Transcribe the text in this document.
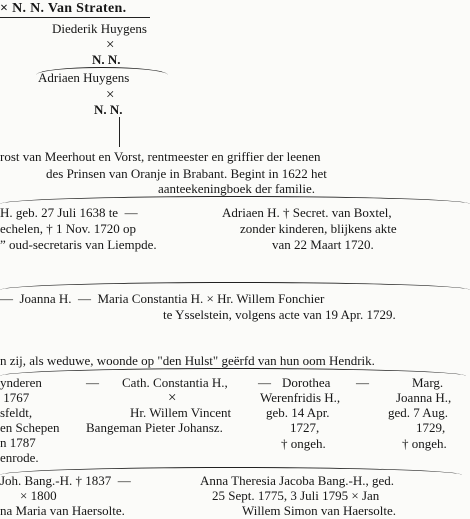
× N. N. Van Straten.
Diederik Huygens
×
N. N.
Adriaen Huygens
×
N. N.
rost van Meerhout en Vorst, rentmeester en griffier der leenen
des Prinsen van Oranje in Brabant. Begint in 1622 het
aanteekeningboek der familie.
H. geb. 27 Juli 1638 te  —
echelen, † 1 Nov. 1720 op
” oud-secretaris van Liempde.
Adriaen H. † Secret. van Boxtel,
zonder kinderen, blijkens akte
van 22 Maart 1720.
—  Joanna H.  —  Maria Constantia H. × Hr. Willem Fonchier
te Ysselstein, volgens acte van 19 Apr. 1729.
n zij, als weduwe, woonde op "den Hulst" geërfd van hun oom Hendrik.
ynderen
1767
sfeldt,
en Schepen
n 1787
enrode.
— Cath. Constantia H.,
×
Hr. Willem Vincent
Bangeman Pieter Johansz.
— Dorothea
Werenfridis H.,
geb. 14 Apr.
1727,
† ongeh.
—	Marg.
Joanna H.,
ged. 7 Aug.
1729,
† ongeh.
Joh. Bang.-H. † 1837  —
× 1800
na Maria van Haersolte.
Anna Theresia Jacoba Bang.-H., ged.
25 Sept. 1775, 3 Juli 1795 × Jan
Willem Simon van Haersolte.
